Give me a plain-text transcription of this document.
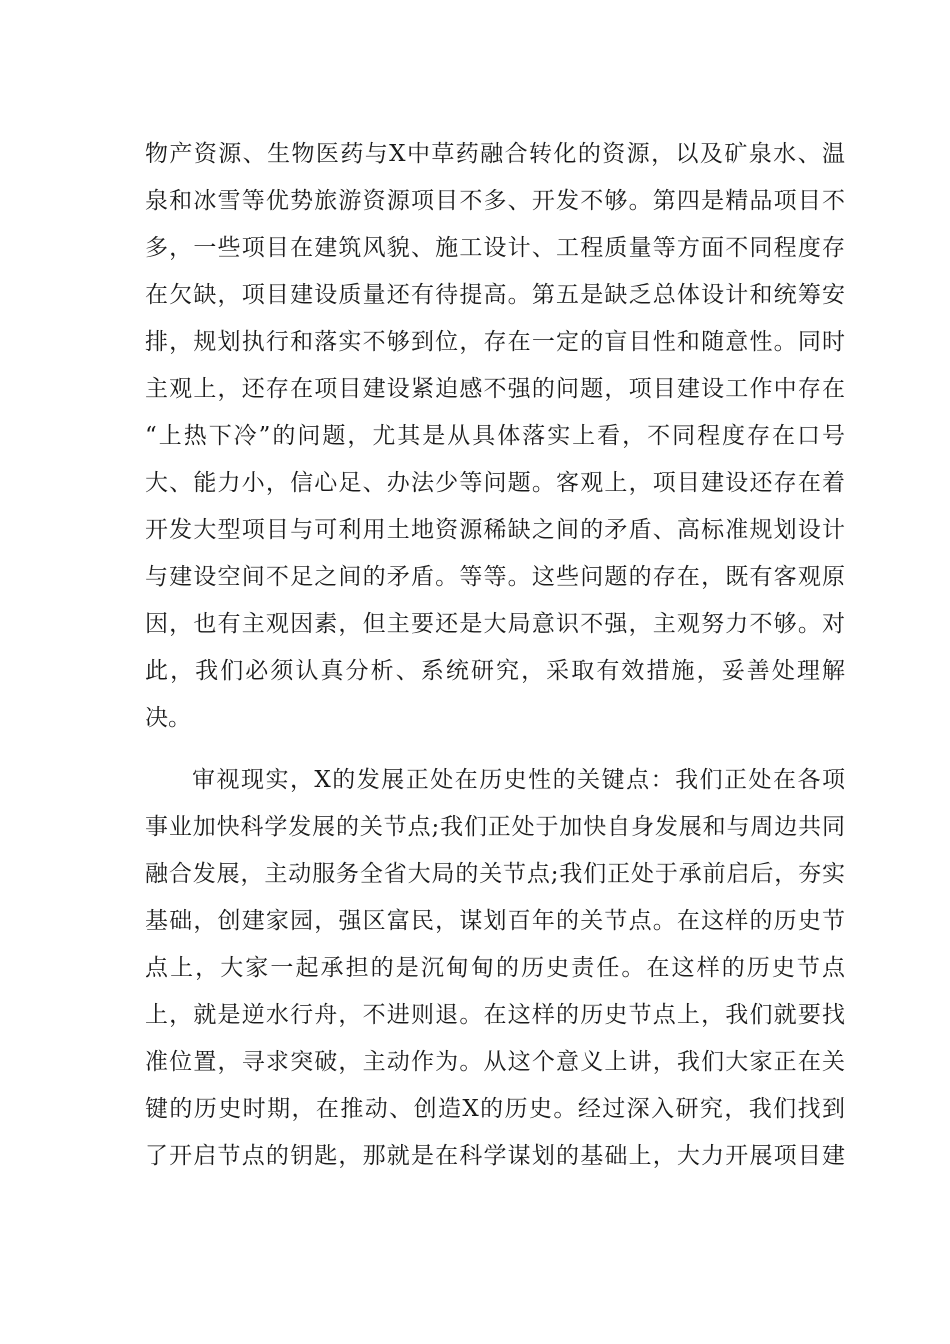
物产资源、生物医药与X中草药融合转化的资源，以及矿泉水、温

泉和冰雪等优势旅游资源项目不多、开发不够。第四是精品项目不

多，一些项目在建筑风貌、施工设计、工程质量等方面不同程度存

在欠缺，项目建设质量还有待提高。第五是缺乏总体设计和统筹安

排，规划执行和落实不够到位，存在一定的盲目性和随意性。同时

主观上，还存在项目建设紧迫感不强的问题，项目建设工作中存在

“上热下冷”的问题，尤其是从具体落实上看，不同程度存在口号

大、能力小，信心足、办法少等问题。客观上，项目建设还存在着

开发大型项目与可利用土地资源稀缺之间的矛盾、高标准规划设计

与建设空间不足之间的矛盾。等等。这些问题的存在，既有客观原

因，也有主观因素，但主要还是大局意识不强，主观努力不够。对

此，我们必须认真分析、系统研究，采取有效措施，妥善处理解

决。

审视现实，X的发展正处在历史性的关键点：我们正处在各项

事业加快科学发展的关节点;我们正处于加快自身发展和与周边共同

融合发展，主动服务全省大局的关节点;我们正处于承前启后，夯实

基础，创建家园，强区富民，谋划百年的关节点。在这样的历史节

点上，大家一起承担的是沉甸甸的历史责任。在这样的历史节点

上，就是逆水行舟，不进则退。在这样的历史节点上，我们就要找

准位置，寻求突破，主动作为。从这个意义上讲，我们大家正在关

键的历史时期，在推动、创造X的历史。经过深入研究，我们找到

了开启节点的钥匙，那就是在科学谋划的基础上，大力开展项目建
